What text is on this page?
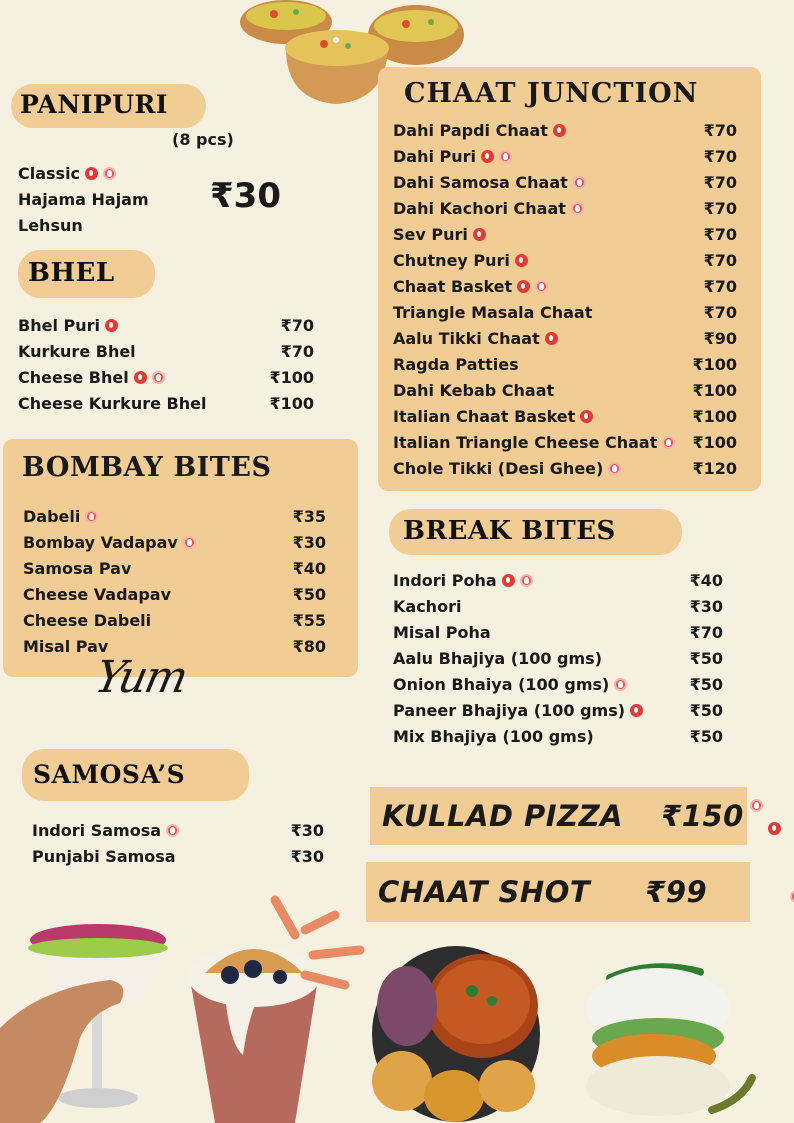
PANIPURI
(8 pcs)
Classic
Hajama Hajam
Lehsun
₹30
BHEL
Bhel Puri	₹70
Kurkure Bhel	₹70
Cheese Bhel	₹100
Cheese Kurkure Bhel	₹100
BOMBAY BITES
Dabeli	₹35
Bombay Vadapav	₹30
Samosa Pav	₹40
Cheese Vadapav	₹50
Cheese Dabeli	₹55
Misal Pav	₹80
Yum
SAMOSA’S
Indori Samosa	₹30
Punjabi Samosa	₹30
CHAAT JUNCTION
Dahi Papdi Chaat	₹70
Dahi Puri	₹70
Dahi Samosa Chaat	₹70
Dahi Kachori Chaat	₹70
Sev Puri	₹70
Chutney Puri	₹70
Chaat Basket	₹70
Triangle Masala Chaat	₹70
Aalu Tikki Chaat	₹90
Ragda Patties	₹100
Dahi Kebab Chaat	₹100
Italian Chaat Basket	₹100
Italian Triangle Cheese Chaat ₹100
Chole Tikki (Desi Ghee)	₹120
BREAK BITES
Indori Poha	₹40
Kachori	₹30
Misal Poha	₹70
Aalu Bhajiya (100 gms)	₹50
Onion Bhaiya (100 gms)	₹50
Paneer Bhajiya (100 gms)	₹50
Mix Bhajiya (100 gms)	₹50
KULLAD PIZZA ₹150

CHAAT SHOT ₹99
